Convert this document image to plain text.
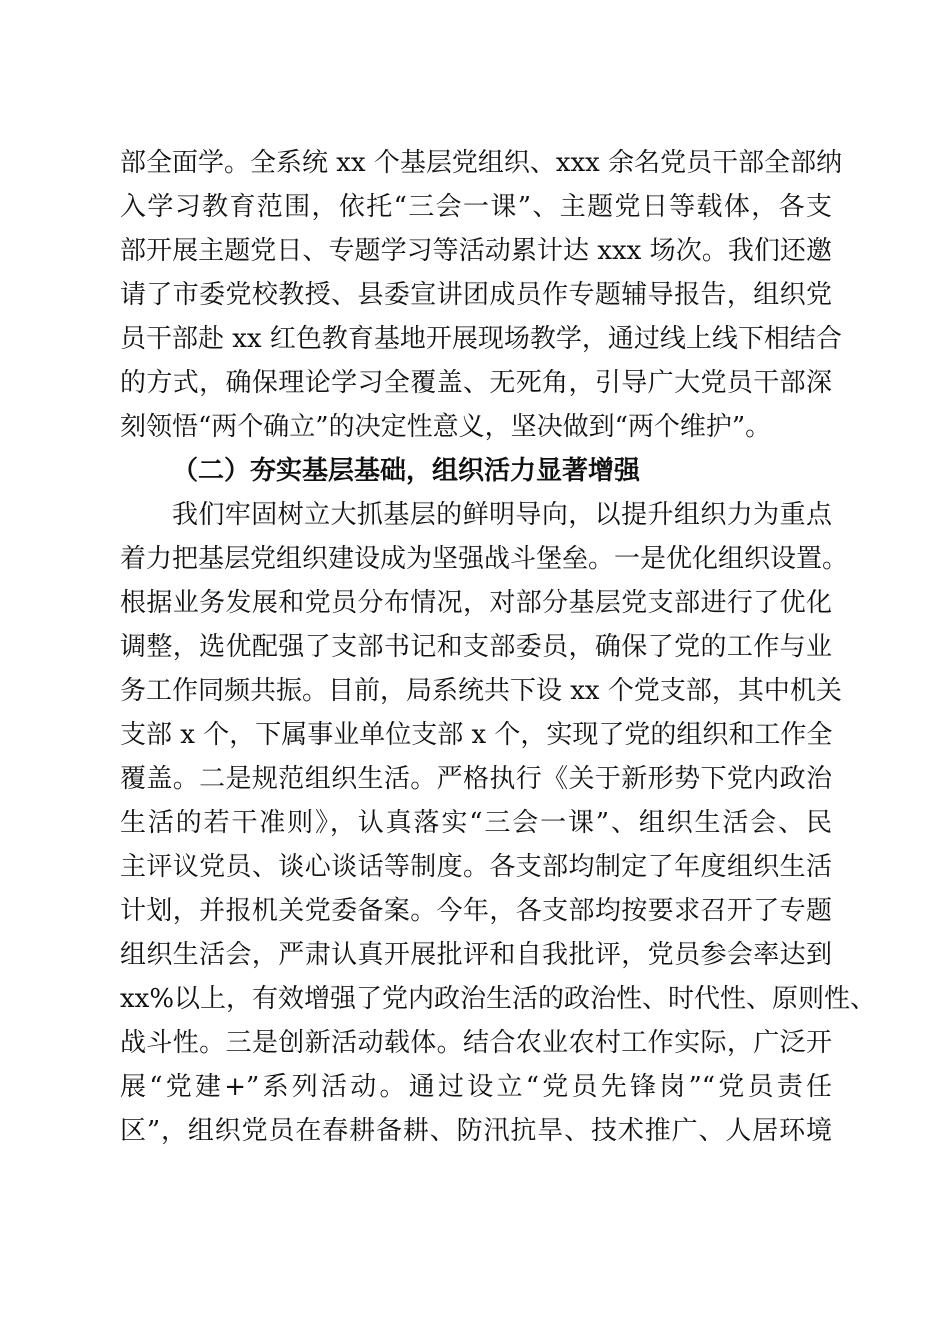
部全面学。全系统 xx 个基层党组织、xxx 余名党员干部全部纳
入学习教育范围，依托“三会一课”、主题党日等载体，各支
部开展主题党日、专题学习等活动累计达 xxx 场次。我们还邀
请了市委党校教授、县委宣讲团成员作专题辅导报告，组织党
员干部赴 xx 红色教育基地开展现场教学，通过线上线下相结合
的方式，确保理论学习全覆盖、无死角，引导广大党员干部深
刻领悟“两个确立”的决定性意义，坚决做到“两个维护”。
（二）夯实基层基础，组织活力显著增强
我们牢固树立大抓基层的鲜明导向，以提升组织力为重点
着力把基层党组织建设成为坚强战斗堡垒。一是优化组织设置。
根据业务发展和党员分布情况，对部分基层党支部进行了优化
调整，选优配强了支部书记和支部委员，确保了党的工作与业
务工作同频共振。目前，局系统共下设 xx 个党支部，其中机关
支部 x 个，下属事业单位支部 x 个，实现了党的组织和工作全
覆盖。二是规范组织生活。严格执行《关于新形势下党内政治
生活的若干准则》，认真落实“三会一课”、组织生活会、民
主评议党员、谈心谈话等制度。各支部均制定了年度组织生活
计划，并报机关党委备案。今年，各支部均按要求召开了专题
组织生活会，严肃认真开展批评和自我批评，党员参会率达到
xx%以上，有效增强了党内政治生活的政治性、时代性、原则性、
战斗性。三是创新活动载体。结合农业农村工作实际，广泛开
展“党建+”系列活动。通过设立“党员先锋岗”“党员责任
区”，组织党员在春耕备耕、防汛抗旱、技术推广、人居环境
